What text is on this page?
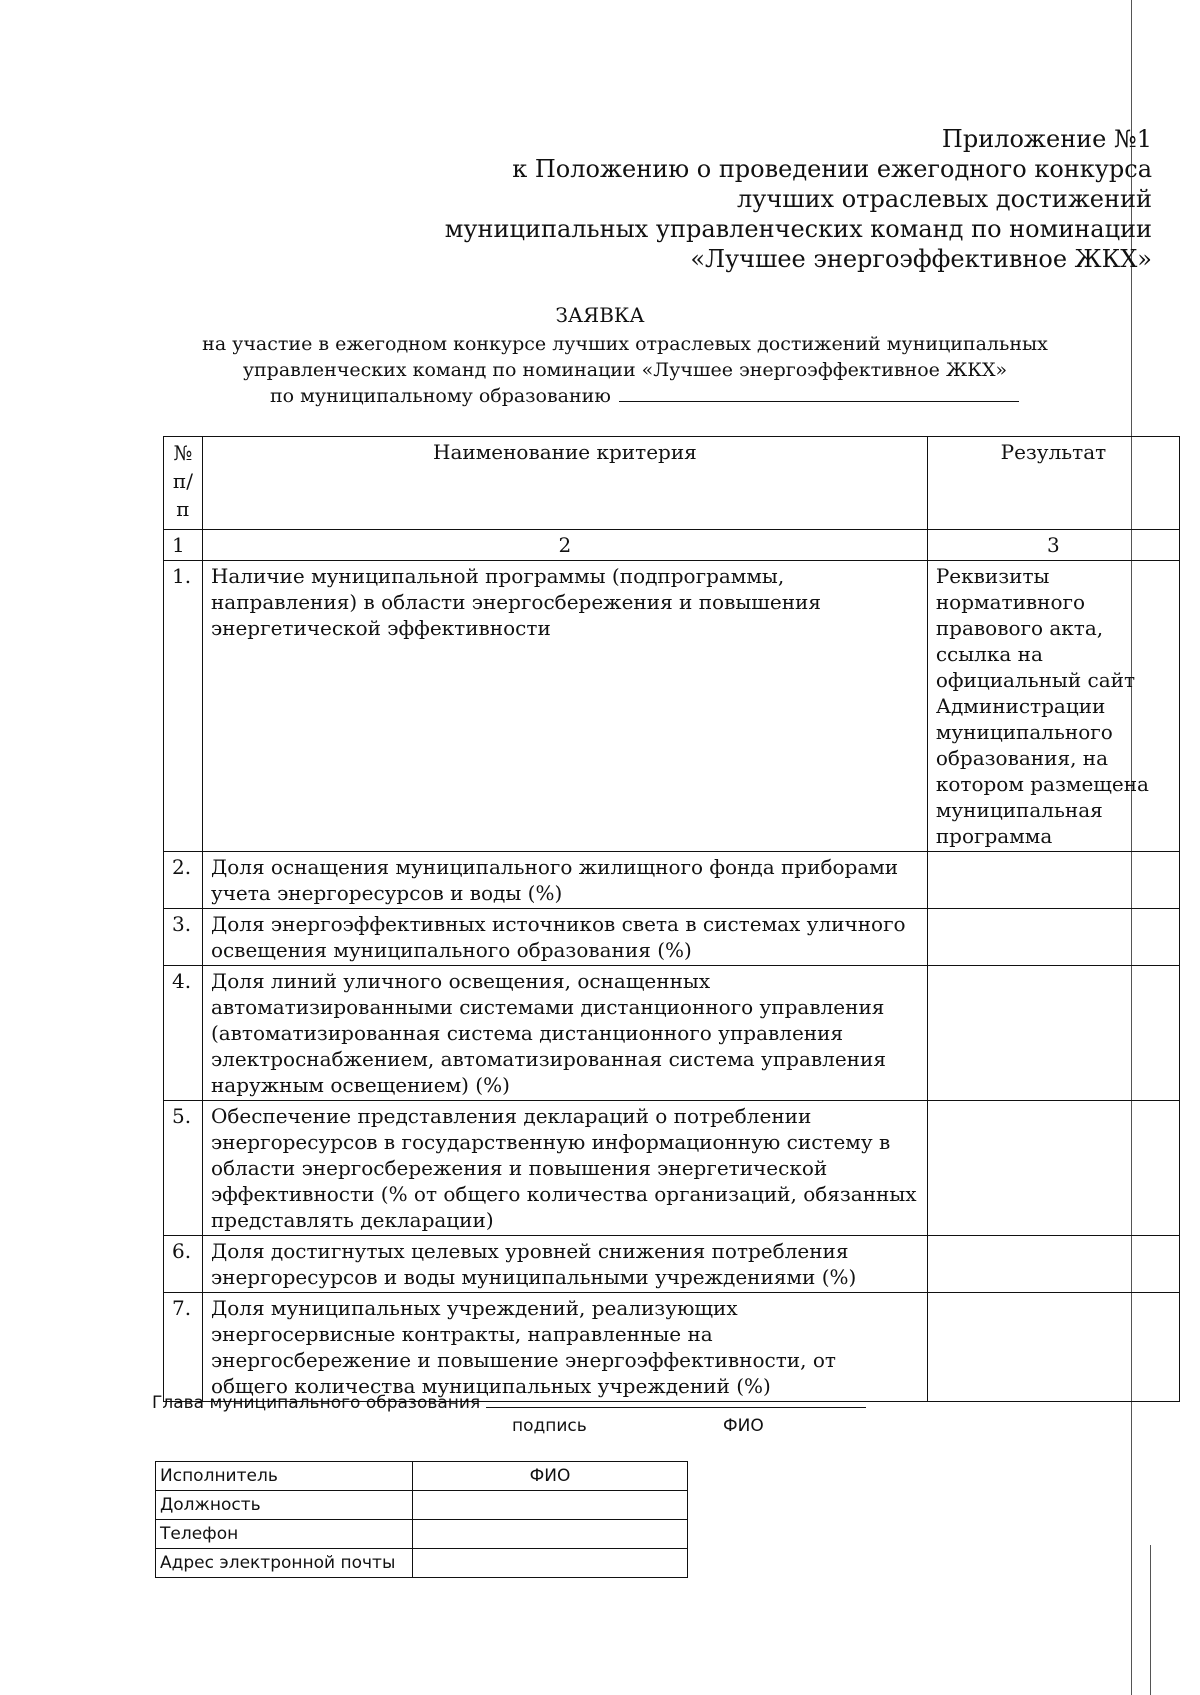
Приложение №1
к Положению о проведении ежегодного конкурса
лучших отраслевых достижений
муниципальных управленческих команд по номинации
«Лучшее энергоэффективное ЖКХ»
ЗАЯВКА
на участие в ежегодном конкурсе лучших отраслевых достижений муниципальных
управленческих команд по номинации «Лучшее энергоэффективное ЖКХ»
по муниципальному образованию
№ п/ п	Наименование критерия	Результат
1	2	3
1.	Наличие муниципальной программы (подпрограммы, направления) в области энергосбережения и повышения энергетической эффективности	Реквизиты нормативного правового акта, ссылка на официальный сайт Администрации муниципального образования, на котором размещена муниципальная программа
2.	Доля оснащения муниципального жилищного фонда приборами учета энергоресурсов и воды (%)	
3.	Доля энергоэффективных источников света в системах уличного освещения муниципального образования (%)	
4.	Доля линий уличного освещения, оснащенных автоматизированными системами дистанционного управления (автоматизированная система дистанционного управления электроснабжением, автоматизированная система управления наружным освещением) (%)	
5.	Обеспечение представления деклараций о потреблении энергоресурсов в государственную информационную систему в области энергосбережения и повышения энергетической эффективности (% от общего количества организаций, обязанных представлять декларации)	
6.	Доля достигнутых целевых уровней снижения потребления энергоресурсов и воды муниципальными учреждениями (%)	
7.	Доля муниципальных учреждений, реализующих энергосервисные контракты, направленные на энергосбережение и повышение энергоэффективности, от общего количества муниципальных учреждений (%)	
Глава муниципального образования
подпись	ФИО
Исполнитель	ФИО
Должность	
Телефон	
Адрес электронной почты	
